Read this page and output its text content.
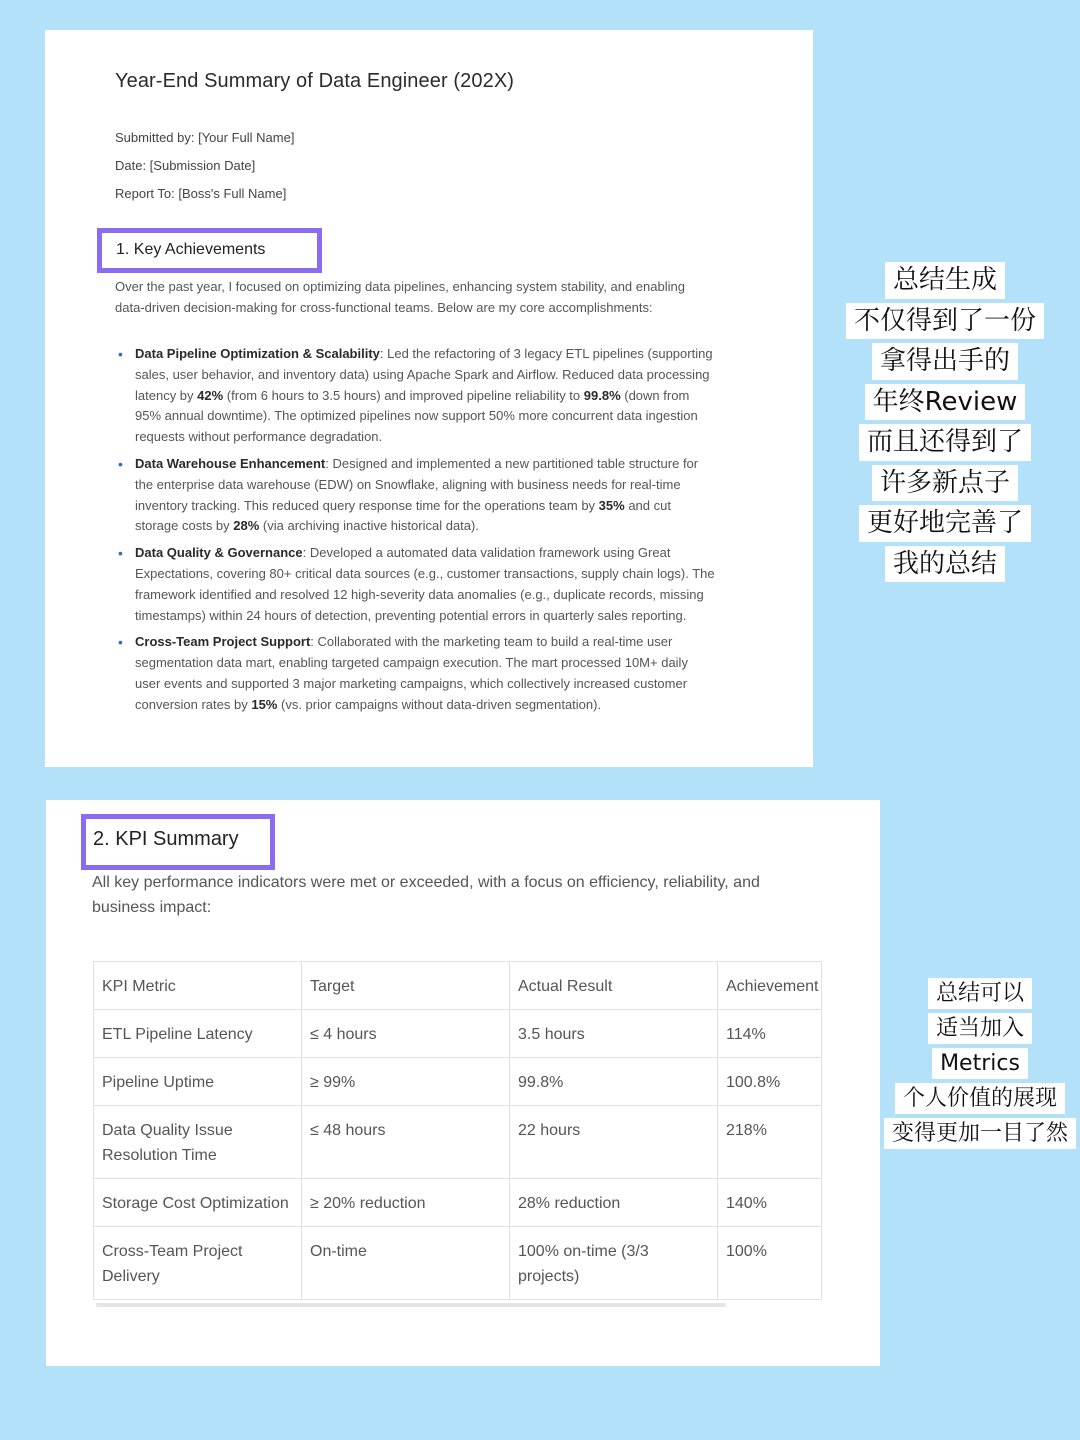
Year-End Summary of Data Engineer (202X)
Submitted by: [Your Full Name]
Date: [Submission Date]
Report To: [Boss's Full Name]
1. Key Achievements
Over the past year, I focused on optimizing data pipelines, enhancing system stability, and enabling data-driven decision-making for cross-functional teams. Below are my core accomplishments:
• Data Pipeline Optimization & Scalability: Led the refactoring of 3 legacy ETL pipelines (supporting sales, user behavior, and inventory data) using Apache Spark and Airflow. Reduced data processing latency by 42% (from 6 hours to 3.5 hours) and improved pipeline reliability to 99.8% (down from 95% annual downtime). The optimized pipelines now support 50% more concurrent data ingestion requests without performance degradation.
• Data Warehouse Enhancement: Designed and implemented a new partitioned table structure for the enterprise data warehouse (EDW) on Snowflake, aligning with business needs for real-time inventory tracking. This reduced query response time for the operations team by 35% and cut storage costs by 28% (via archiving inactive historical data).
• Data Quality & Governance: Developed a automated data validation framework using Great Expectations, covering 80+ critical data sources (e.g., customer transactions, supply chain logs). The framework identified and resolved 12 high-severity data anomalies (e.g., duplicate records, missing timestamps) within 24 hours of detection, preventing potential errors in quarterly sales reporting.
• Cross-Team Project Support: Collaborated with the marketing team to build a real-time user segmentation data mart, enabling targeted campaign execution. The mart processed 10M+ daily user events and supported 3 major marketing campaigns, which collectively increased customer conversion rates by 15% (vs. prior campaigns without data-driven segmentation).
2. KPI Summary
All key performance indicators were met or exceeded, with a focus on efficiency, reliability, and business impact:
KPI Metric	Target	Actual Result	Achievement
ETL Pipeline Latency	≤ 4 hours	3.5 hours	114%
Pipeline Uptime	≥ 99%	99.8%	100.8%
Data Quality Issue Resolution Time	≤ 48 hours	22 hours	218%
Storage Cost Optimization	≥ 20% reduction	28% reduction	140%
Cross-Team Project Delivery	On-time	100% on-time (3/3 projects)	100%
总结生成
不仅得到了一份
拿得出手的
年终Review
而且还得到了
许多新点子
更好地完善了
我的总结
总结可以
适当加入
Metrics
个人价值的展现
变得更加一目了然
